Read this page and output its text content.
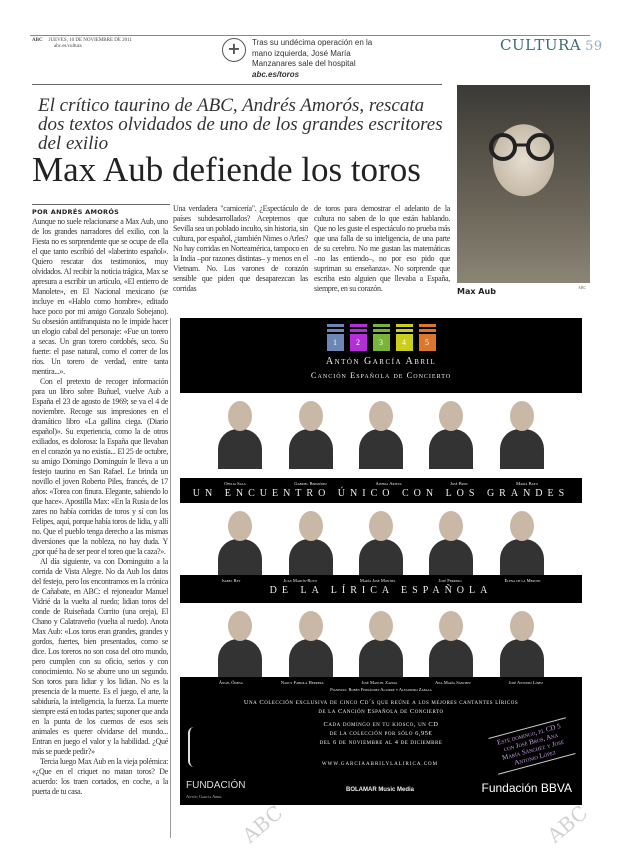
ABC JUEVES, 10 DE NOVIEMBRE DE 2011
abc.es/cultura	+	Tras su undécima operación en la mano izquierda, José María Manzanares sale del hospital abc.es/toros
CULTURA 59
El crítico taurino de ABC, Andrés Amorós, rescata dos textos olvidados de uno de los grandes escritores del exilio
Max Aub defiende los toros
Max Aub	ABC
POR ANDRÉS AMORÓS

Aunque no suele relacionarse a Max Aub, uno de los grandes narradores del exilio, con la Fiesta no es sorprendente que se ocupe de ella el que tanto escribió del «laberinto español». Quiero rescatar dos testimonios, muy olvidados. Al recibir la noticia trágica, Max se apresura a escribir un artículo, «El entierro de Manolete», en El Nacional mexicano (se incluye en «Hablo como hombre», editado hace poco por mi amigo Gonzalo Sobejano). Su obsesión antifranquista no le impide hacer un elogio cabal del personaje: «Fue un torero a secas. Un gran torero cordobés, seco. Su fuerte: el pase natural, como el correr de los ríos. Un torero de verdad, entre tanta mentira...».

Con el pretexto de recoger información para un libro sobre Buñuel, vuelve Aub a España el 23 de agosto de 1969; se va el 4 de noviembre. Recoge sus impresiones en el dramático libro «La gallina ciega. (Diario español)». Su experiencia, como la de otros exiliados, es dolorosa: la España que llevaban en el corazón ya no existía... El 25 de octubre, su amigo Domingo Dominguín le lleva a un festejo taurino en San Rafael. Le brinda un novillo el joven Roberto Piles, francés, de 17 años: «Torea con finura. Elegante, sabiendo lo que hace». Apostilla Max: «En la Rusia de los zares no había corridas de toros y sí con los Felipes, aquí, porque había toros de lidia, y allí no. Que el pueblo tenga derecho a las mismas diversiones que la nobleza, no hay duda. Y ¿por qué ha de ser peor el toreo que la caza?».

Al día siguiente, va con Dominguito a la corrida de Vista Alegre. No da Aub los datos del festejo, pero los encontramos en la crónica de Cañabate, en ABC: el rejoneador Manuel Vidrié da la vuelta al ruedo; lidian toros del conde de Ruiseñada Currito (una oreja), El Chano y Calatraveño (vuelta al ruedo). Anota Max Aub: «Los toros eran grandes, grandes y gordos, fuertes, bien presentados, como se dice. Los toreros no son cosa del otro mundo, pero cumplen con su oficio, serios y con conocimiento. No se aburre uno un segundo. Son toros para lidiar y los lidian. No es la presencia de la muerte. Es el juego, el arte, la sabiduría, la inteligencia, la fuerza. La muerte siempre está en todas partes; suponer que anda en la punta de los cuernos de esos seis animales es querer olvidarse del mundo... Entran en juego el valor y la habilidad. ¿Qué más se puede pedir?»

Tercia luego Max Aub en la vieja polémica: «¿Que en el criquet no matan toros? De acuerdo: los traen cortados, en coche, a la puerta de tu casa.

Una verdadera "carnicería". ¿Espectáculo de países subdesarrollados? Aceptemos que Sevilla sea un poblado inculto, sin historia, sin cultura, por español, ¿también Nimes o Arles? No hay corridas en Norteamérica, tampoco en la India –por razones distintas– y menos en el Vietnam. No. Los varones de corazón sensible que piden que desaparezcan las corridas
de toros para demostrar el adelanto de la cultura no saben de lo que están hablando. Que no les guste el espectáculo no prueba más que una falla de su inteligencia, de una parte de su cerebro. No me gustan las matemáticas –no las entiendo–, no por eso pido que supriman su enseñanza». No sorprende que escriba esto alguien que llevaba a España, siempre, en su corazón.
1	2	3	4	5
Antón García Abril
Canción Española de Concierto
Ofelia Sala	Gabriel Bermúdez	Ainhoa Arteta	José Bros	María Bayo
UN ENCUENTRO ÚNICO CON LOS GRANDES
Isabel Rey	Juan Martín-Royo	María José Montiel	José Ferrero	Elena de la Merced
DE LA LÍRICA ESPAÑOLA
Ángel Ódena	Nancy Fabiola Herrera	José Manuel Zapata	Ana María Sánchez	José Antonio López
Pianistas: Rubén Fernández Aguirre y Alejandro Zabala
Una Colección exclusiva de cinco Cd´s que reúne a los mejores cantantes líricos de la Canción Española de Concierto
Cada domingo en tu kiosco, un CD
de la colección por sólo 6,95€
del 6 de noviembre al 4 de diciembre	Este domingo, el CD 5 con José Bros, Ana María Sánchez y José Antonio López
FUNDACIÓN
Antón García Abril
WWW.GARCIAABRILYLALIRICA.COM
BOLAMAR Music Media	Fundación BBVA
ABC	ABC
